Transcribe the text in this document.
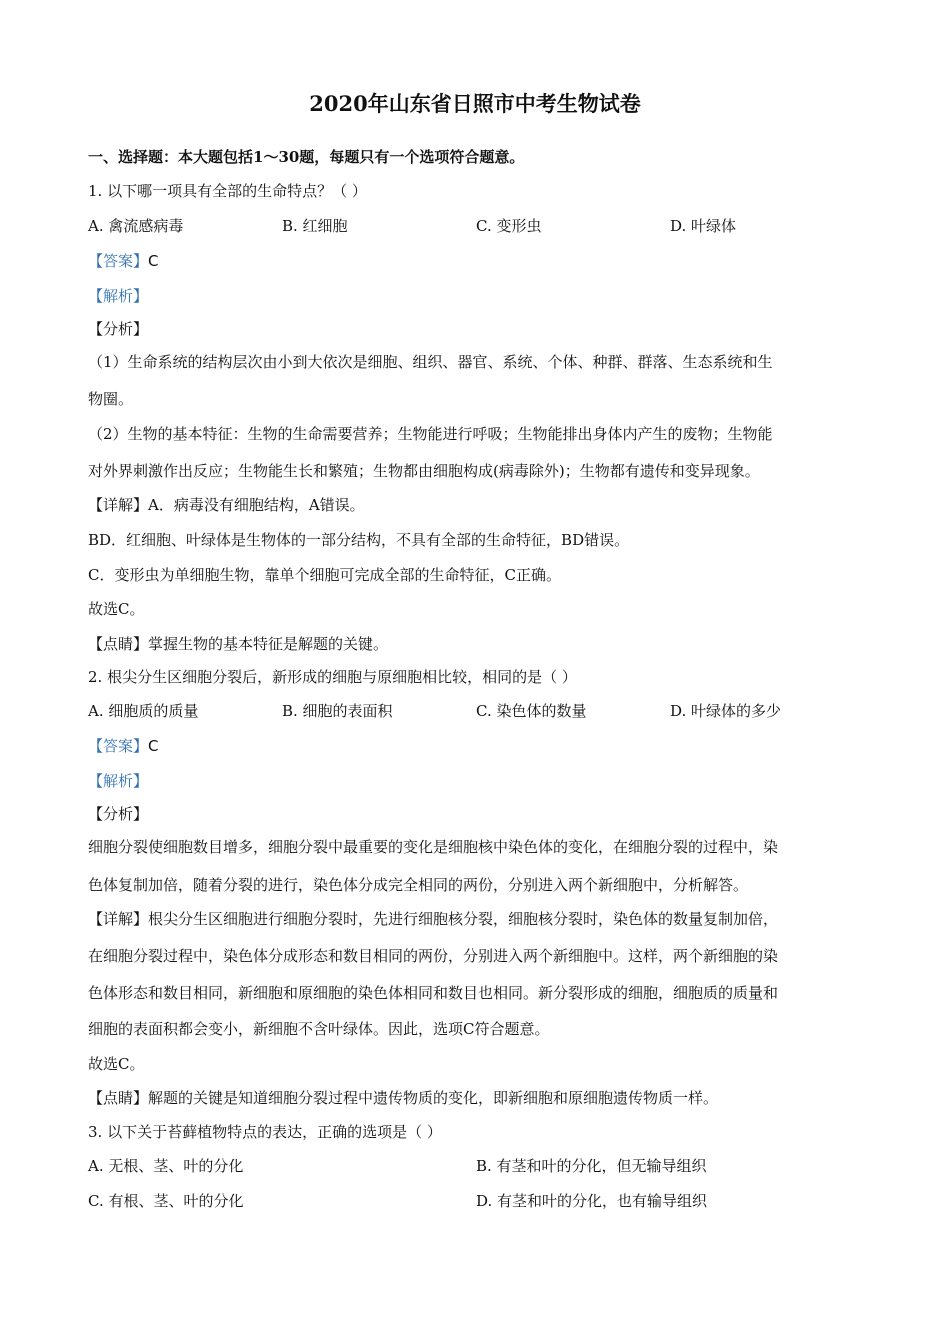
2020年山东省日照市中考生物试卷
一、选择题：本大题包括1～30题，每题只有一个选项符合题意。
1. 以下哪一项具有全部的生命特点？（ ）
A. 禽流感病毒	B. 红细胞	C. 变形虫	D. 叶绿体
【答案】C
【解析】
【分析】
（1）生命系统的结构层次由小到大依次是细胞、组织、器官、系统、个体、种群、群落、生态系统和生
物圈。
（2）生物的基本特征：生物的生命需要营养；生物能进行呼吸；生物能排出身体内产生的废物；生物能
对外界刺激作出反应；生物能生长和繁殖；生物都由细胞构成(病毒除外)；生物都有遗传和变异现象。
【详解】A．病毒没有细胞结构，A错误。
BD．红细胞、叶绿体是生物体的一部分结构，不具有全部的生命特征，BD错误。
C．变形虫为单细胞生物，靠单个细胞可完成全部的生命特征，C正确。
故选C。
【点睛】掌握生物的基本特征是解题的关键。
2. 根尖分生区细胞分裂后，新形成的细胞与原细胞相比较，相同的是（ ）
A. 细胞质的质量	B. 细胞的表面积	C. 染色体的数量	D. 叶绿体的多少
【答案】C
【解析】
【分析】
细胞分裂使细胞数目增多，细胞分裂中最重要的变化是细胞核中染色体的变化，在细胞分裂的过程中，染
色体复制加倍，随着分裂的进行，染色体分成完全相同的两份，分别进入两个新细胞中，分析解答。
【详解】根尖分生区细胞进行细胞分裂时，先进行细胞核分裂，细胞核分裂时，染色体的数量复制加倍，
在细胞分裂过程中，染色体分成形态和数目相同的两份，分别进入两个新细胞中。这样，两个新细胞的染
色体形态和数目相同，新细胞和原细胞的染色体相同和数目也相同。新分裂形成的细胞，细胞质的质量和
细胞的表面积都会变小，新细胞不含叶绿体。因此，选项C符合题意。
故选C。
【点睛】解题的关键是知道细胞分裂过程中遗传物质的变化，即新细胞和原细胞遗传物质一样。
3. 以下关于苔藓植物特点的表达，正确的选项是（ ）
A. 无根、茎、叶的分化	B. 有茎和叶的分化，但无输导组织
C. 有根、茎、叶的分化	D. 有茎和叶的分化，也有输导组织
